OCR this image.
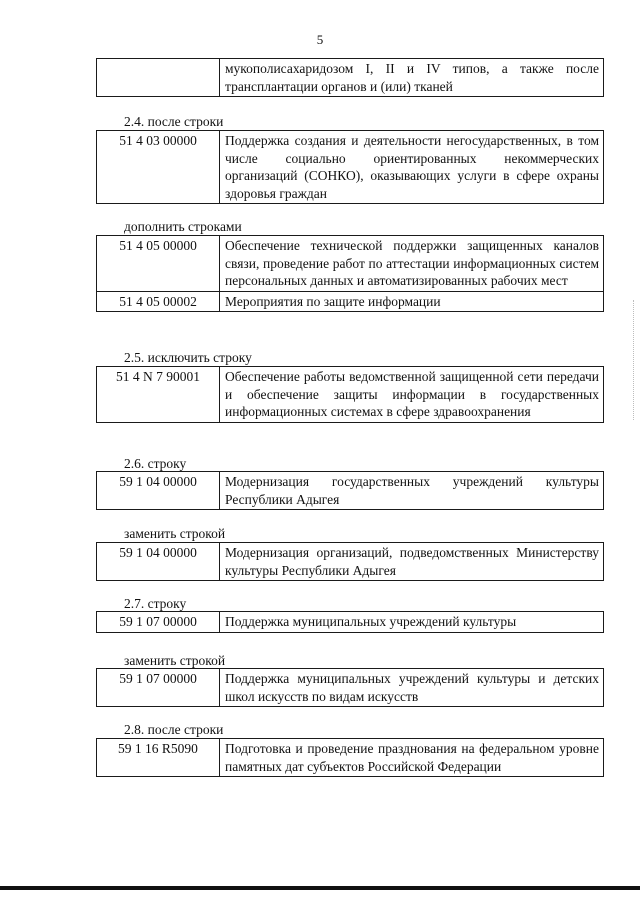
5
	мукополисахаридозом I, II и IV типов, а также после трансплантации органов и (или) тканей
2.4. после строки
51 4 03 00000	Поддержка создания и деятельности негосударственных, в том числе социально ориентированных некоммерческих организаций (СОНКО), оказывающих услуги в сфере охраны здоровья граждан
дополнить строками
51 4 05 00000	Обеспечение технической поддержки защищенных каналов связи, проведение работ по аттестации информационных систем персональных данных и автоматизированных рабочих мест
51 4 05 00002	Мероприятия по защите информации
2.5. исключить строку
51 4 N 7 90001	Обеспечение работы ведомственной защищенной сети передачи и обеспечение защиты информации в государственных информационных системах в сфере здравоохранения
2.6. строку
59 1 04 00000	Модернизация государственных учреждений культуры Республики Адыгея
заменить строкой
59 1 04 00000	Модернизация организаций, подведомственных Министерству культуры Республики Адыгея
2.7. строку
59 1 07 00000	Поддержка муниципальных учреждений культуры
заменить строкой
59 1 07 00000	Поддержка муниципальных учреждений культуры и детских школ искусств по видам искусств
2.8. после строки
59 1 16 R5090	Подготовка и проведение празднования на федеральном уровне памятных дат субъектов Российской Федерации
